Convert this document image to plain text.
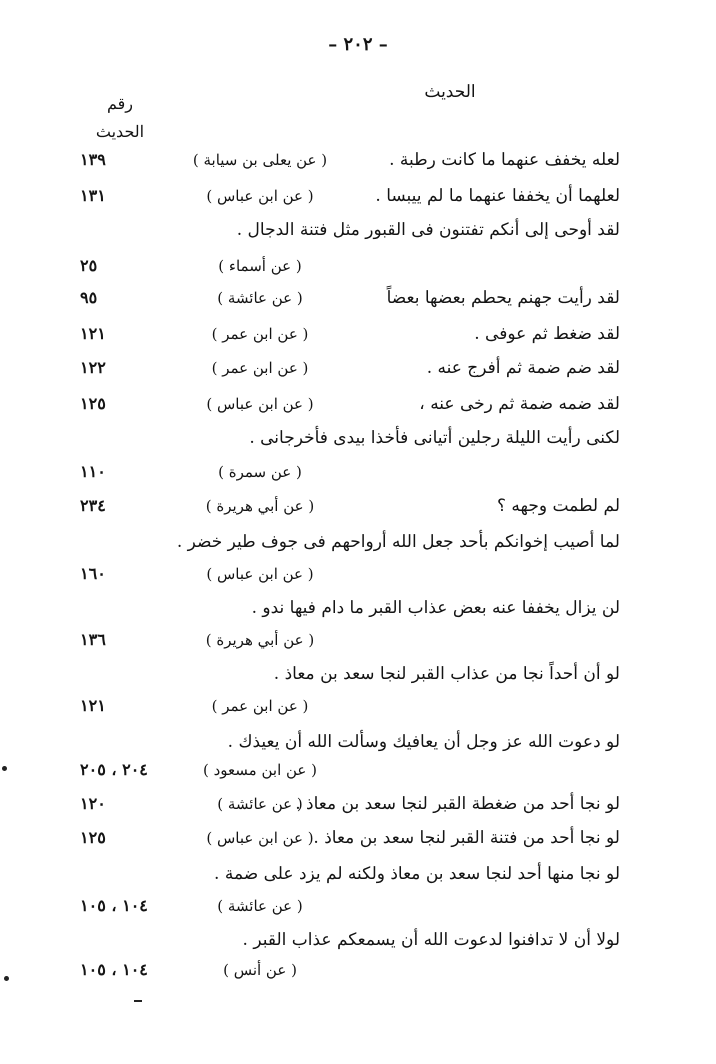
– ٢٠٢ –
الحديث
رقم
الحديث
لعله يخفف عنهما ما كانت رطبة .
( عن يعلى بن سيابة )
١٣٩
لعلهما أن يخففا عنهما ما لم ييبسا .
( عن ابن عباس )
١٣١
لقد أوحى إلى أنكم تفتنون فى القبور مثل فتنة الدجال .
( عن أسماء )
٢٥
لقد رأيت جهنم يحطم بعضها بعضاً
( عن عائشة )
٩٥
لقد ضغط ثم عوفى .
( عن ابن عمر )
١٢١
لقد ضم ضمة ثم أفرج عنه .
( عن ابن عمر )
١٢٢
لقد ضمه ضمة ثم رخى عنه ،
( عن ابن عباس )
١٢٥
لكنى رأيت الليلة رجلين أتيانى فأخذا بيدى فأخرجانى .
( عن سمرة )
١١٠
لم لطمت وجهه ؟
( عن أبي هريرة )
٢٣٤
لما أصيب إخوانكم بأحد جعل الله أرواحهم فى جوف طير خضر .
( عن ابن عباس )
١٦٠
لن يزال يخففا عنه بعض عذاب القبر ما دام فيها ندو .
( عن أبي هريرة )
١٣٦
لو أن أحداً نجا من عذاب القبر لنجا سعد بن معاذ .
( عن ابن عمر )
١٢١
لو دعوت الله عز وجل أن يعافيك وسألت الله أن يعيذك .
( عن ابن مسعود )
٢٠٤ ، ٢٠٥
لو نجا أحد من ضغطة القبر لنجا سعد بن معاذ .
( عن عائشة )
١٢٠
لو نجا أحد من فتنة القبر لنجا سعد بن معاذ .
( عن ابن عباس )
١٢٥
لو نجا منها أحد لنجا سعد بن معاذ ولكنه لم يزد على ضمة .
( عن عائشة )
١٠٤ ، ١٠٥
لولا أن لا تدافنوا لدعوت الله أن يسمعكم عذاب القبر .
( عن أنس )
١٠٤ ، ١٠٥
